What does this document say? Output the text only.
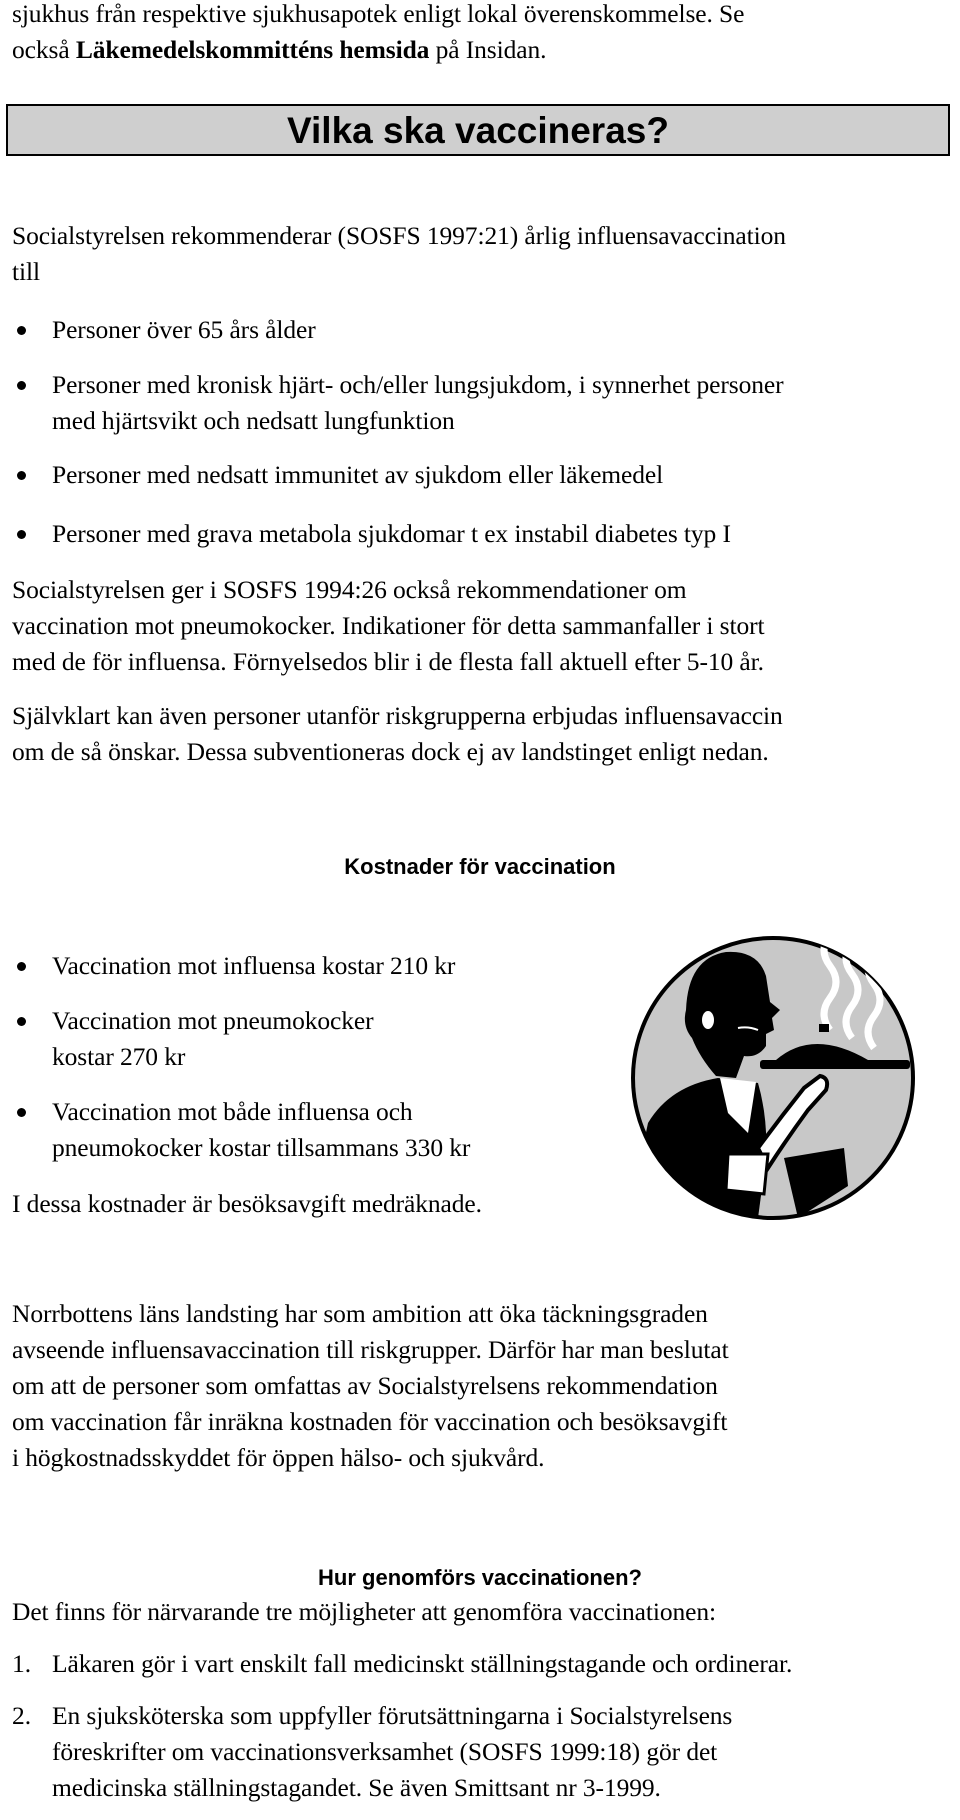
sjukhus från respektive sjukhusapotek enligt lokal överenskommelse. Se
också Läkemedelskommitténs hemsida på Insidan.
Vilka ska vaccineras?
Socialstyrelsen rekommenderar (SOSFS 1997:21) årlig influensavaccination
till
Personer över 65 års ålder
Personer med kronisk hjärt- och/eller lungsjukdom, i synnerhet personer
med hjärtsvikt och nedsatt lungfunktion
Personer med nedsatt immunitet av sjukdom eller läkemedel
Personer med grava metabola sjukdomar t ex instabil diabetes typ I
Socialstyrelsen ger i SOSFS 1994:26 också rekommendationer om
vaccination mot pneumokocker. Indikationer för detta sammanfaller i stort
med de för influensa. Förnyelsedos blir i de flesta fall aktuell efter 5-10 år.
Självklart kan även personer utanför riskgrupperna erbjudas influensavaccin
om de så önskar. Dessa subventioneras dock ej av landstinget enligt nedan.
Kostnader för vaccination
Vaccination mot influensa kostar 210 kr
Vaccination mot pneumokocker
kostar 270 kr
Vaccination mot både influensa och
pneumokocker kostar tillsammans 330 kr
I dessa kostnader är besöksavgift medräknade.
Norrbottens läns landsting har som ambition att öka täckningsgraden
avseende influensavaccination till riskgrupper. Därför har man beslutat
om att de personer som omfattas av Socialstyrelsens rekommendation
om vaccination får inräkna kostnaden för vaccination och besöksavgift
i högkostnadsskyddet för öppen hälso- och sjukvård.
Hur genomförs vaccinationen?
Det finns för närvarande tre möjligheter att genomföra vaccinationen:
1. Läkaren gör i vart enskilt fall medicinskt ställningstagande och ordinerar.
2. En sjuksköterska som uppfyller förutsättningarna i Socialstyrelsens
föreskrifter om vaccinationsverksamhet (SOSFS 1999:18) gör det
medicinska ställningstagandet. Se även Smittsant nr 3-1999.
